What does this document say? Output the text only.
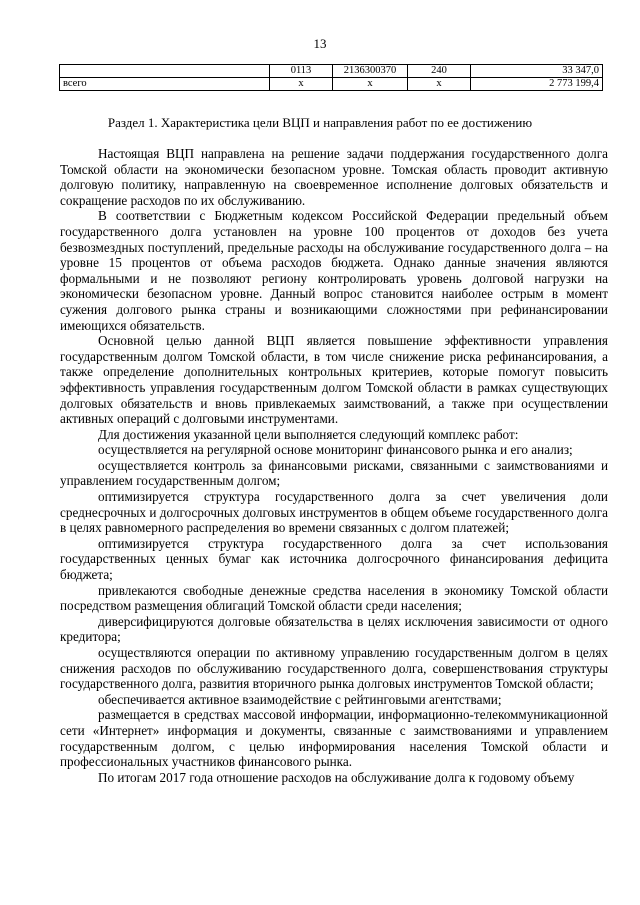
13
	0113	2136300370	240	33 347,0
всего	х	х	х	2 773 199,4
Раздел 1. Характеристика цели ВЦП и направления работ по ее достижению

Настоящая ВЦП направлена на решение задачи поддержания государственного долга Томской области на экономически безопасном уровне. Томская область проводит активную долговую политику, направленную на своевременное исполнение долговых обязательств и сокращение расходов по их обслуживанию.

В соответствии с Бюджетным кодексом Российской Федерации предельный объем государственного долга установлен на уровне 100 процентов от доходов без учета безвозмездных поступлений, предельные расходы на обслуживание государственного долга – на уровне 15 процентов от объема расходов бюджета. Однако данные значения являются формальными и не позволяют региону контролировать уровень долговой нагрузки на экономически безопасном уровне. Данный вопрос становится наиболее острым в момент сужения долгового рынка страны и возникающими сложностями при рефинансировании имеющихся обязательств.

Основной целью данной ВЦП является повышение эффективности управления государственным долгом Томской области, в том числе снижение риска рефинансирования, а также определение дополнительных контрольных критериев, которые помогут повысить эффективность управления государственным долгом Томской области в рамках существующих долговых обязательств и вновь привлекаемых заимствований, а также при осуществлении активных операций с долговыми инструментами.

Для достижения указанной цели выполняется следующий комплекс работ:

осуществляется на регулярной основе мониторинг финансового рынка и его анализ;

осуществляется контроль за финансовыми рисками, связанными с заимствованиями и управлением государственным долгом;

оптимизируется структура государственного долга за счет увеличения доли среднесрочных и долгосрочных долговых инструментов в общем объеме государственного долга в целях равномерного распределения во времени связанных с долгом платежей;

оптимизируется структура государственного долга за счет использования государственных ценных бумаг как источника долгосрочного финансирования дефицита бюджета;

привлекаются свободные денежные средства населения в экономику Томской области посредством размещения облигаций Томской области среди населения;

диверсифицируются долговые обязательства в целях исключения зависимости от одного кредитора;

осуществляются операции по активному управлению государственным долгом в целях снижения расходов по обслуживанию государственного долга, совершенствования структуры государственного долга, развития вторичного рынка долговых инструментов Томской области;

обеспечивается активное взаимодействие с рейтинговыми агентствами;

размещается в средствах массовой информации, информационно-телекоммуникационной сети «Интернет» информация и документы, связанные с заимствованиями и управлением государственным долгом, с целью информирования населения Томской области и профессиональных участников финансового рынка.

По итогам 2017 года отношение расходов на обслуживание долга к годовому объему
